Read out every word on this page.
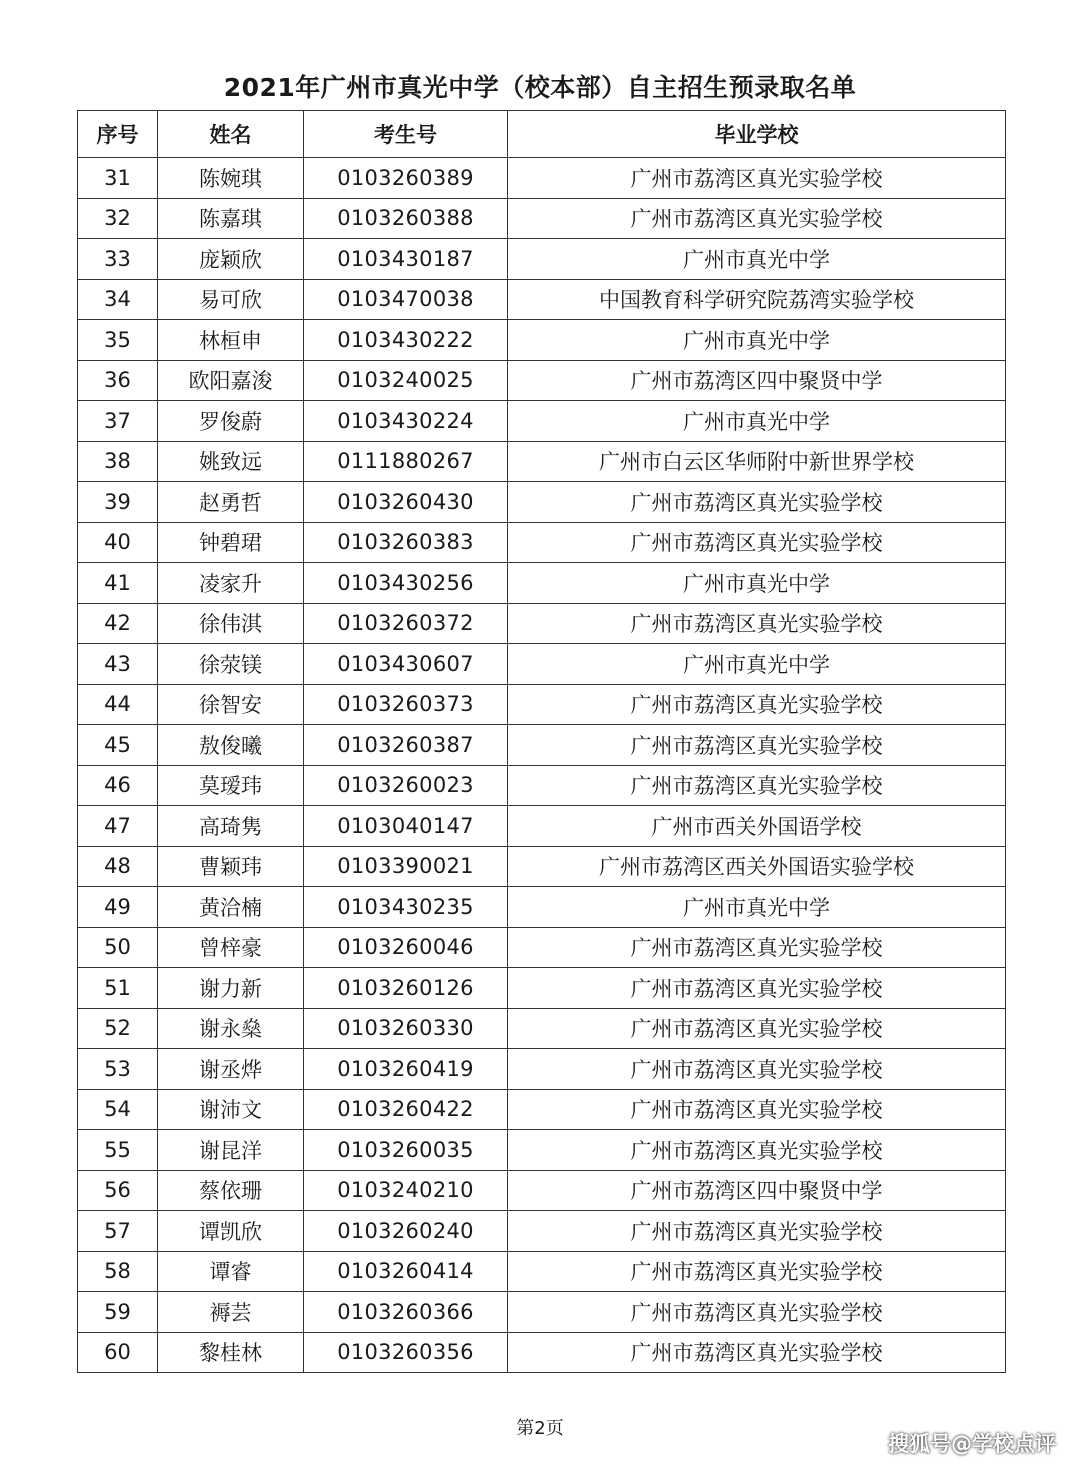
2021年广州市真光中学（校本部）自主招生预录取名单
序号	姓名	考生号	毕业学校
31	陈婉琪	0103260389	广州市荔湾区真光实验学校
32	陈嘉琪	0103260388	广州市荔湾区真光实验学校
33	庞颖欣	0103430187	广州市真光中学
34	易可欣	0103470038	中国教育科学研究院荔湾实验学校
35	林桓申	0103430222	广州市真光中学
36	欧阳嘉浚	0103240025	广州市荔湾区四中聚贤中学
37	罗俊蔚	0103430224	广州市真光中学
38	姚致远	0111880267	广州市白云区华师附中新世界学校
39	赵勇哲	0103260430	广州市荔湾区真光实验学校
40	钟碧珺	0103260383	广州市荔湾区真光实验学校
41	凌家升	0103430256	广州市真光中学
42	徐伟淇	0103260372	广州市荔湾区真光实验学校
43	徐荥镁	0103430607	广州市真光中学
44	徐智安	0103260373	广州市荔湾区真光实验学校
45	敖俊曦	0103260387	广州市荔湾区真光实验学校
46	莫瑷玮	0103260023	广州市荔湾区真光实验学校
47	高琦隽	0103040147	广州市西关外国语学校
48	曹颖玮	0103390021	广州市荔湾区西关外国语实验学校
49	黄洽楠	0103430235	广州市真光中学
50	曾梓豪	0103260046	广州市荔湾区真光实验学校
51	谢力新	0103260126	广州市荔湾区真光实验学校
52	谢永燊	0103260330	广州市荔湾区真光实验学校
53	谢丞烨	0103260419	广州市荔湾区真光实验学校
54	谢沛文	0103260422	广州市荔湾区真光实验学校
55	谢昆洋	0103260035	广州市荔湾区真光实验学校
56	蔡依珊	0103240210	广州市荔湾区四中聚贤中学
57	谭凯欣	0103260240	广州市荔湾区真光实验学校
58	谭睿	0103260414	广州市荔湾区真光实验学校
59	褥芸	0103260366	广州市荔湾区真光实验学校
60	黎桂林	0103260356	广州市荔湾区真光实验学校
第2页
搜狐号@学校点评
